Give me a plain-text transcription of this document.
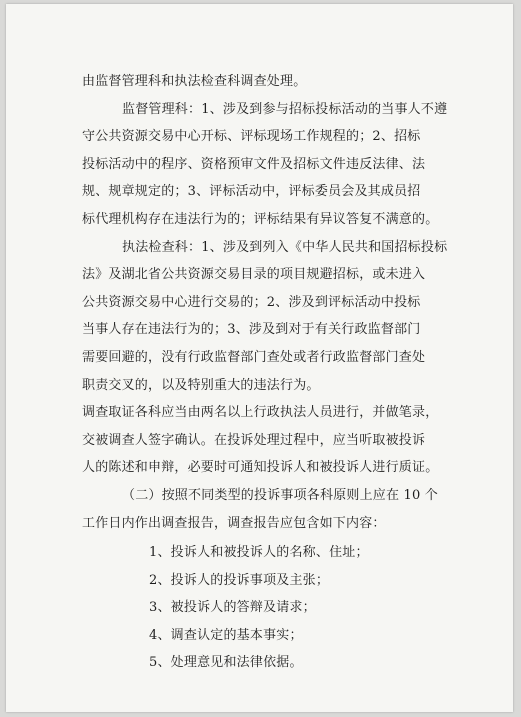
由监督管理科和执法检查科调查处理。
监督管理科：1、涉及到参与招标投标活动的当事人不遵
守公共资源交易中心开标、评标现场工作规程的；2、招标
投标活动中的程序、资格预审文件及招标文件违反法律、法
规、规章规定的；3、评标活动中，评标委员会及其成员招
标代理机构存在违法行为的；评标结果有异议答复不满意的。
执法检查科：1、涉及到列入《中华人民共和国招标投标
法》及湖北省公共资源交易目录的项目规避招标，或未进入
公共资源交易中心进行交易的；2、涉及到评标活动中投标
当事人存在违法行为的；3、涉及到对于有关行政监督部门
需要回避的，没有行政监督部门查处或者行政监督部门查处
职责交叉的，以及特别重大的违法行为。
调查取证各科应当由两名以上行政执法人员进行，并做笔录，
交被调查人签字确认。在投诉处理过程中，应当听取被投诉
人的陈述和申辩，必要时可通知投诉人和被投诉人进行质证。
（二）按照不同类型的投诉事项各科原则上应在 10 个
工作日内作出调查报告，调查报告应包含如下内容：
1、投诉人和被投诉人的名称、住址；
2、投诉人的投诉事项及主张；
3、被投诉人的答辩及请求；
4、调查认定的基本事实；
5、处理意见和法律依据。
